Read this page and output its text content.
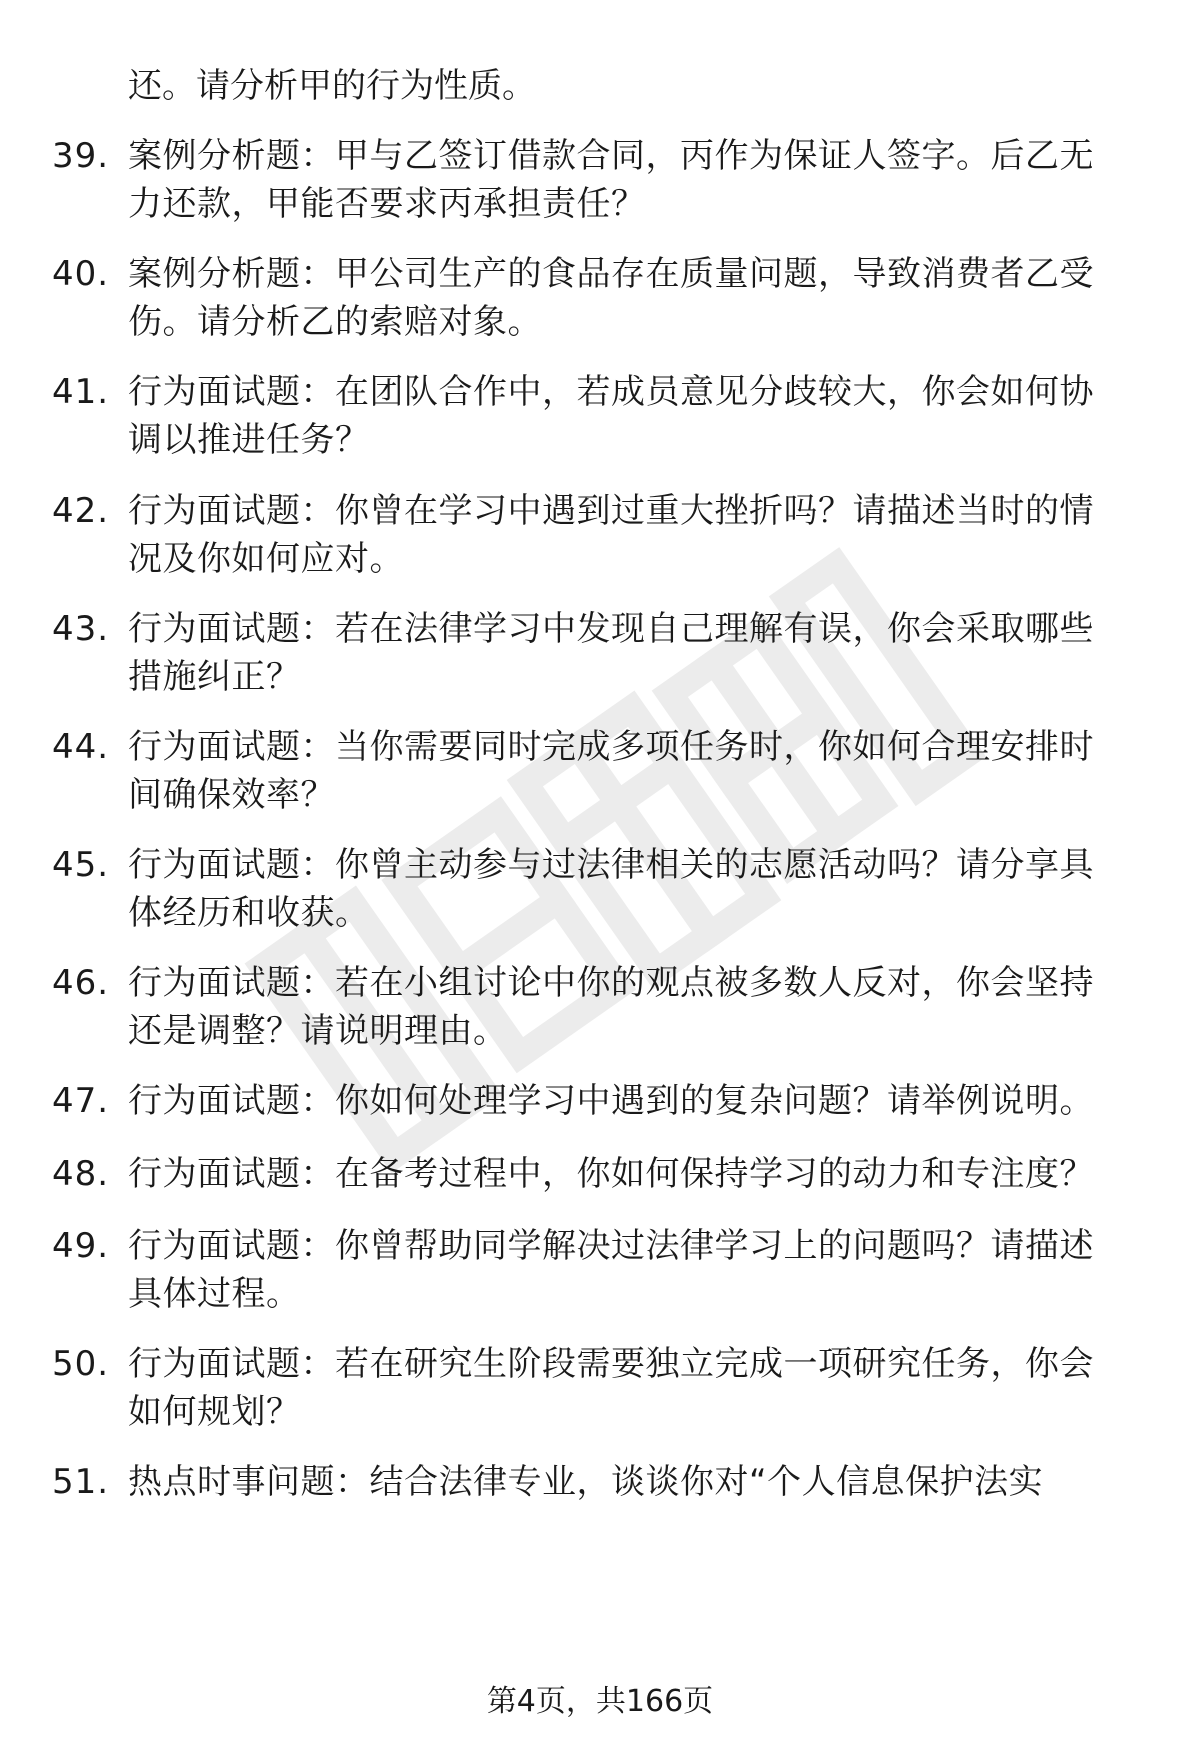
还。请分析甲的行为性质。
39. 案例分析题：甲与乙签订借款合同，丙作为保证人签字。后乙无
力还款，甲能否要求丙承担责任？
40. 案例分析题：甲公司生产的食品存在质量问题，导致消费者乙受
伤。请分析乙的索赔对象。
41. 行为面试题：在团队合作中，若成员意见分歧较大，你会如何协
调以推进任务？
42. 行为面试题：你曾在学习中遇到过重大挫折吗？请描述当时的情
况及你如何应对。
43. 行为面试题：若在法律学习中发现自己理解有误，你会采取哪些
措施纠正？
44. 行为面试题：当你需要同时完成多项任务时，你如何合理安排时
间确保效率？
45. 行为面试题：你曾主动参与过法律相关的志愿活动吗？请分享具
体经历和收获。
46. 行为面试题：若在小组讨论中你的观点被多数人反对，你会坚持
还是调整？请说明理由。
47. 行为面试题：你如何处理学习中遇到的复杂问题？请举例说明。
48. 行为面试题：在备考过程中，你如何保持学习的动力和专注度？
49. 行为面试题：你曾帮助同学解决过法律学习上的问题吗？请描述
具体过程。
50. 行为面试题：若在研究生阶段需要独立完成一项研究任务，你会
如何规划？
51. 热点时事问题：结合法律专业，谈谈你对“个人信息保护法实
第4页，共166页
